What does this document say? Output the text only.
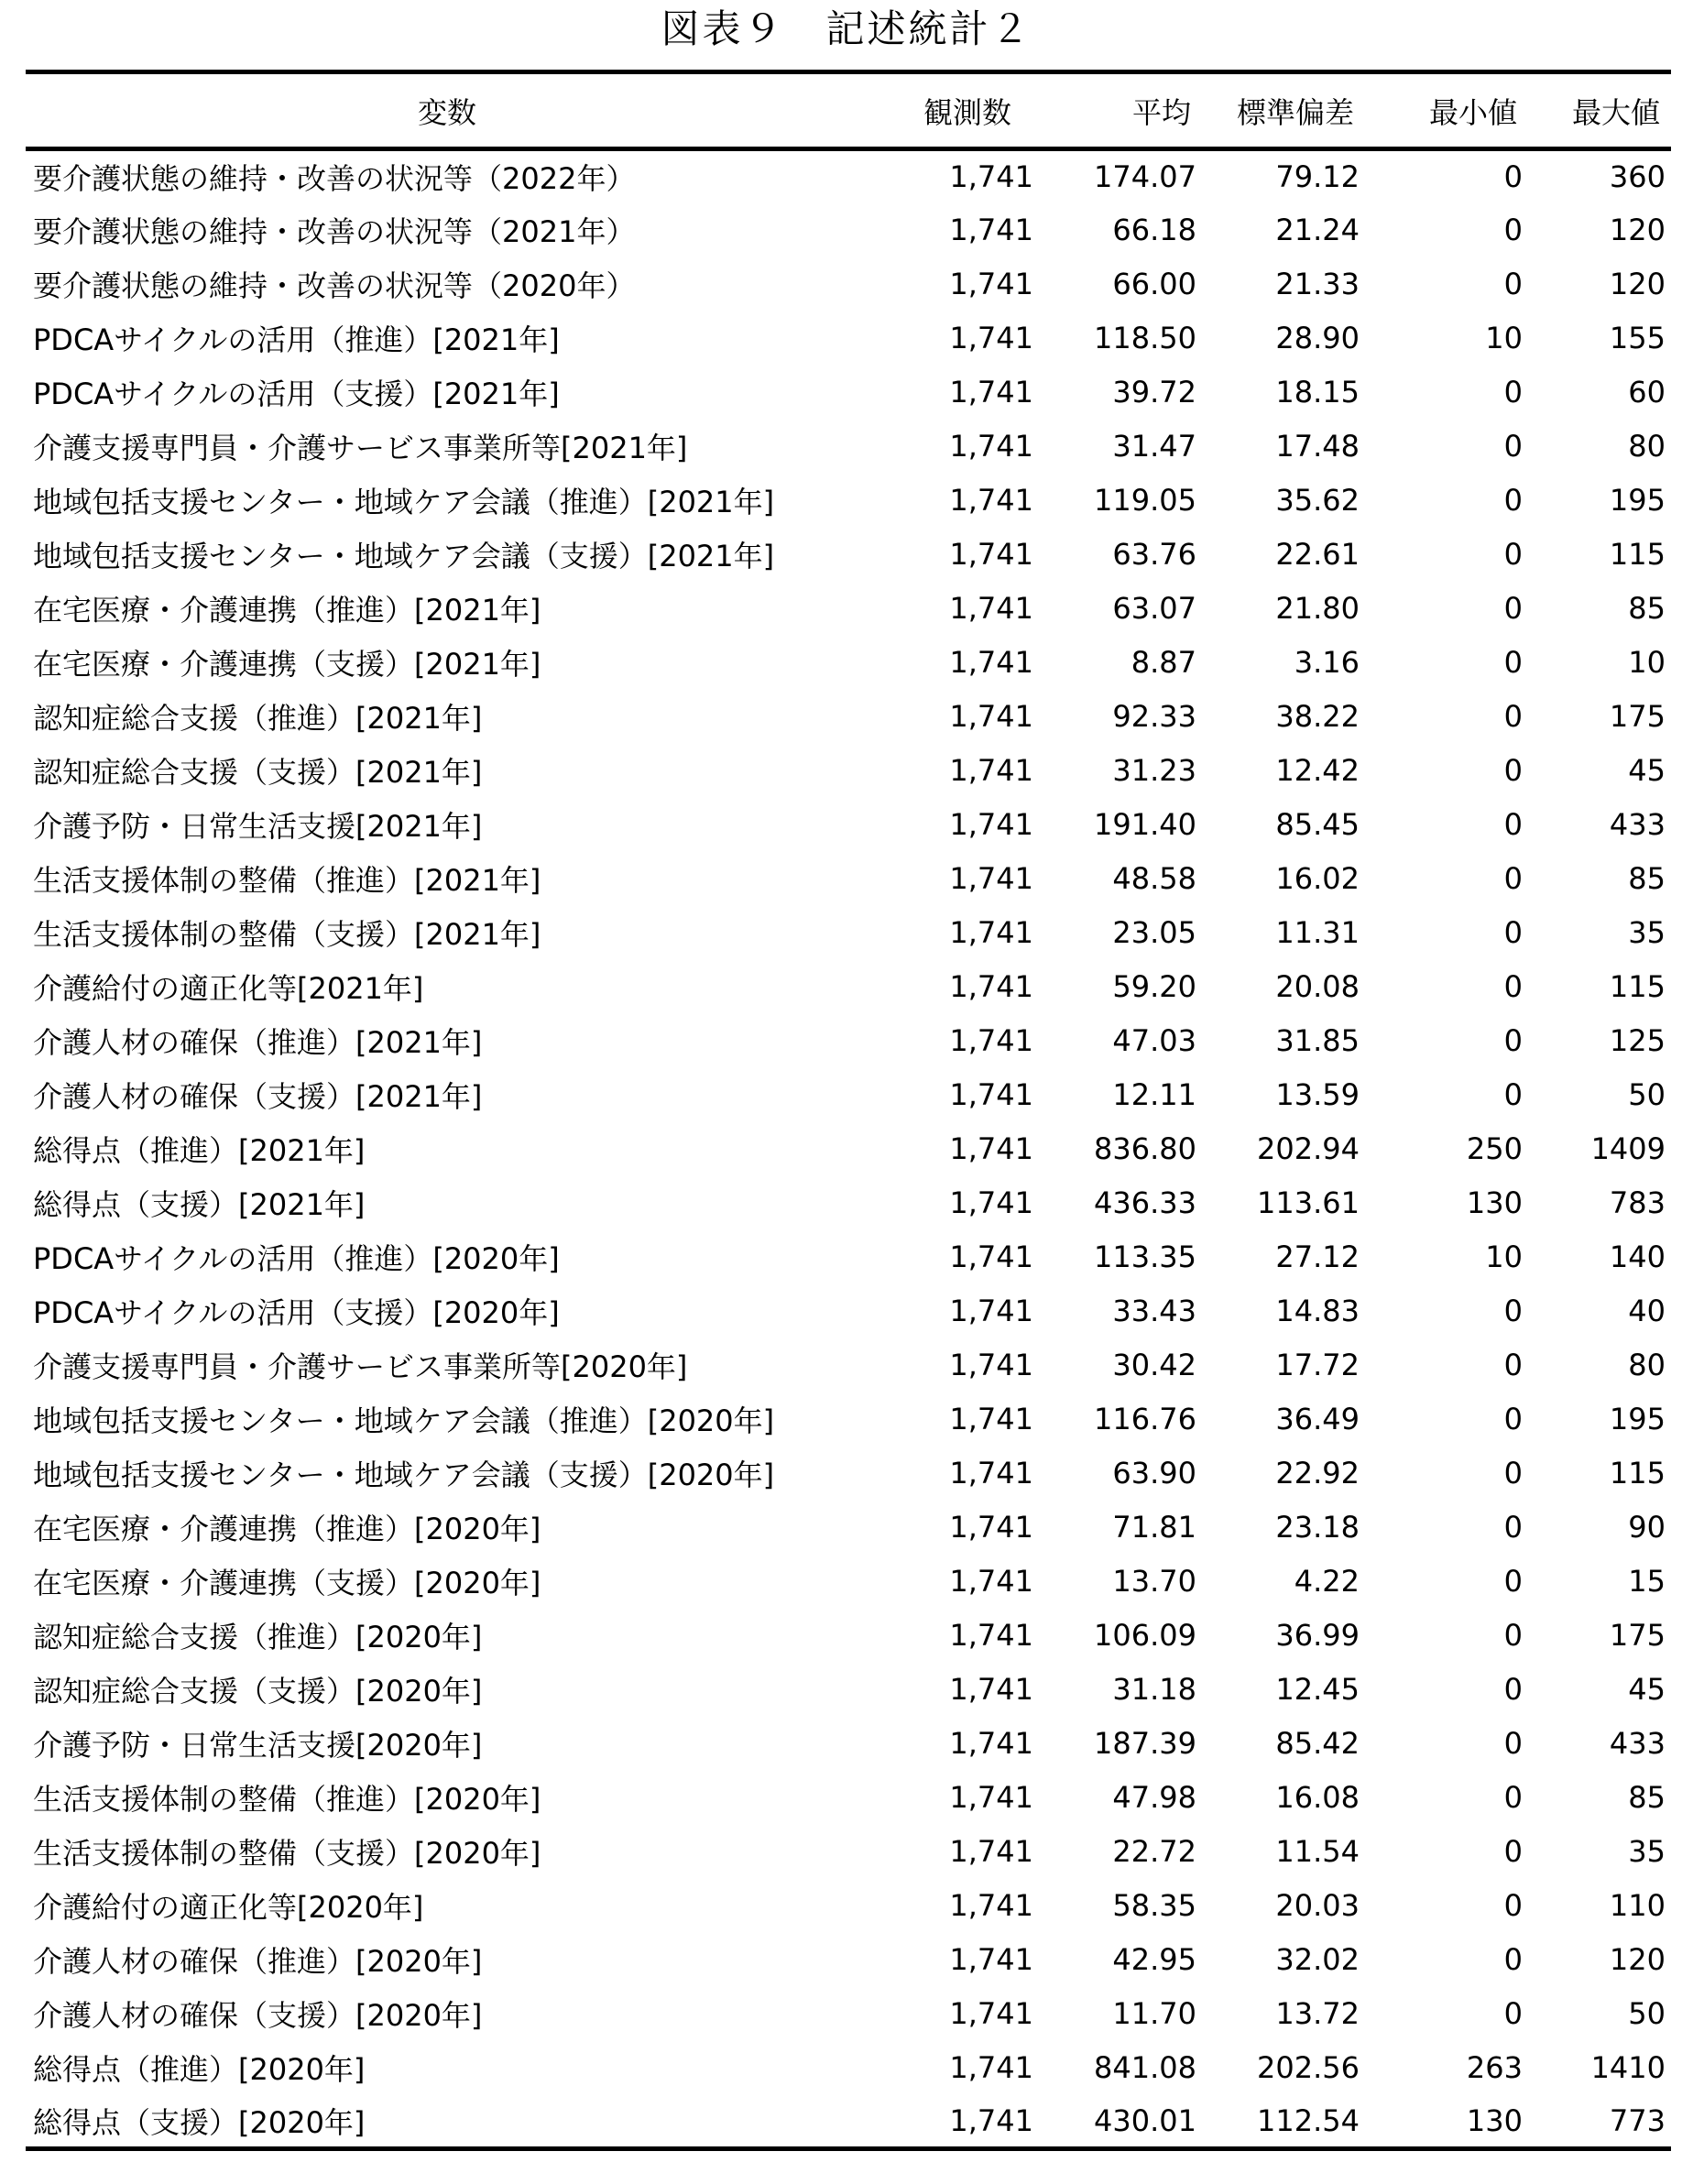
図表９　記述統計２
変数	観測数	平均	標準偏差	最小値	最大値
要介護状態の維持・改善の状況等（2022年）	1,741	174.07	79.12	0	360
要介護状態の維持・改善の状況等（2021年）	1,741	66.18	21.24	0	120
要介護状態の維持・改善の状況等（2020年）	1,741	66.00	21.33	0	120
PDCAサイクルの活用（推進）[2021年]	1,741	118.50	28.90	10	155
PDCAサイクルの活用（支援）[2021年]	1,741	39.72	18.15	0	60
介護支援専門員・介護サービス事業所等[2021年]	1,741	31.47	17.48	0	80
地域包括支援センター・地域ケア会議（推進）[2021年]	1,741	119.05	35.62	0	195
地域包括支援センター・地域ケア会議（支援）[2021年]	1,741	63.76	22.61	0	115
在宅医療・介護連携（推進）[2021年]	1,741	63.07	21.80	0	85
在宅医療・介護連携（支援）[2021年]	1,741	8.87	3.16	0	10
認知症総合支援（推進）[2021年]	1,741	92.33	38.22	0	175
認知症総合支援（支援）[2021年]	1,741	31.23	12.42	0	45
介護予防・日常生活支援[2021年]	1,741	191.40	85.45	0	433
生活支援体制の整備（推進）[2021年]	1,741	48.58	16.02	0	85
生活支援体制の整備（支援）[2021年]	1,741	23.05	11.31	0	35
介護給付の適正化等[2021年]	1,741	59.20	20.08	0	115
介護人材の確保（推進）[2021年]	1,741	47.03	31.85	0	125
介護人材の確保（支援）[2021年]	1,741	12.11	13.59	0	50
総得点（推進）[2021年]	1,741	836.80	202.94	250	1409
総得点（支援）[2021年]	1,741	436.33	113.61	130	783
PDCAサイクルの活用（推進）[2020年]	1,741	113.35	27.12	10	140
PDCAサイクルの活用（支援）[2020年]	1,741	33.43	14.83	0	40
介護支援専門員・介護サービス事業所等[2020年]	1,741	30.42	17.72	0	80
地域包括支援センター・地域ケア会議（推進）[2020年]	1,741	116.76	36.49	0	195
地域包括支援センター・地域ケア会議（支援）[2020年]	1,741	63.90	22.92	0	115
在宅医療・介護連携（推進）[2020年]	1,741	71.81	23.18	0	90
在宅医療・介護連携（支援）[2020年]	1,741	13.70	4.22	0	15
認知症総合支援（推進）[2020年]	1,741	106.09	36.99	0	175
認知症総合支援（支援）[2020年]	1,741	31.18	12.45	0	45
介護予防・日常生活支援[2020年]	1,741	187.39	85.42	0	433
生活支援体制の整備（推進）[2020年]	1,741	47.98	16.08	0	85
生活支援体制の整備（支援）[2020年]	1,741	22.72	11.54	0	35
介護給付の適正化等[2020年]	1,741	58.35	20.03	0	110
介護人材の確保（推進）[2020年]	1,741	42.95	32.02	0	120
介護人材の確保（支援）[2020年]	1,741	11.70	13.72	0	50
総得点（推進）[2020年]	1,741	841.08	202.56	263	1410
総得点（支援）[2020年]	1,741	430.01	112.54	130	773
